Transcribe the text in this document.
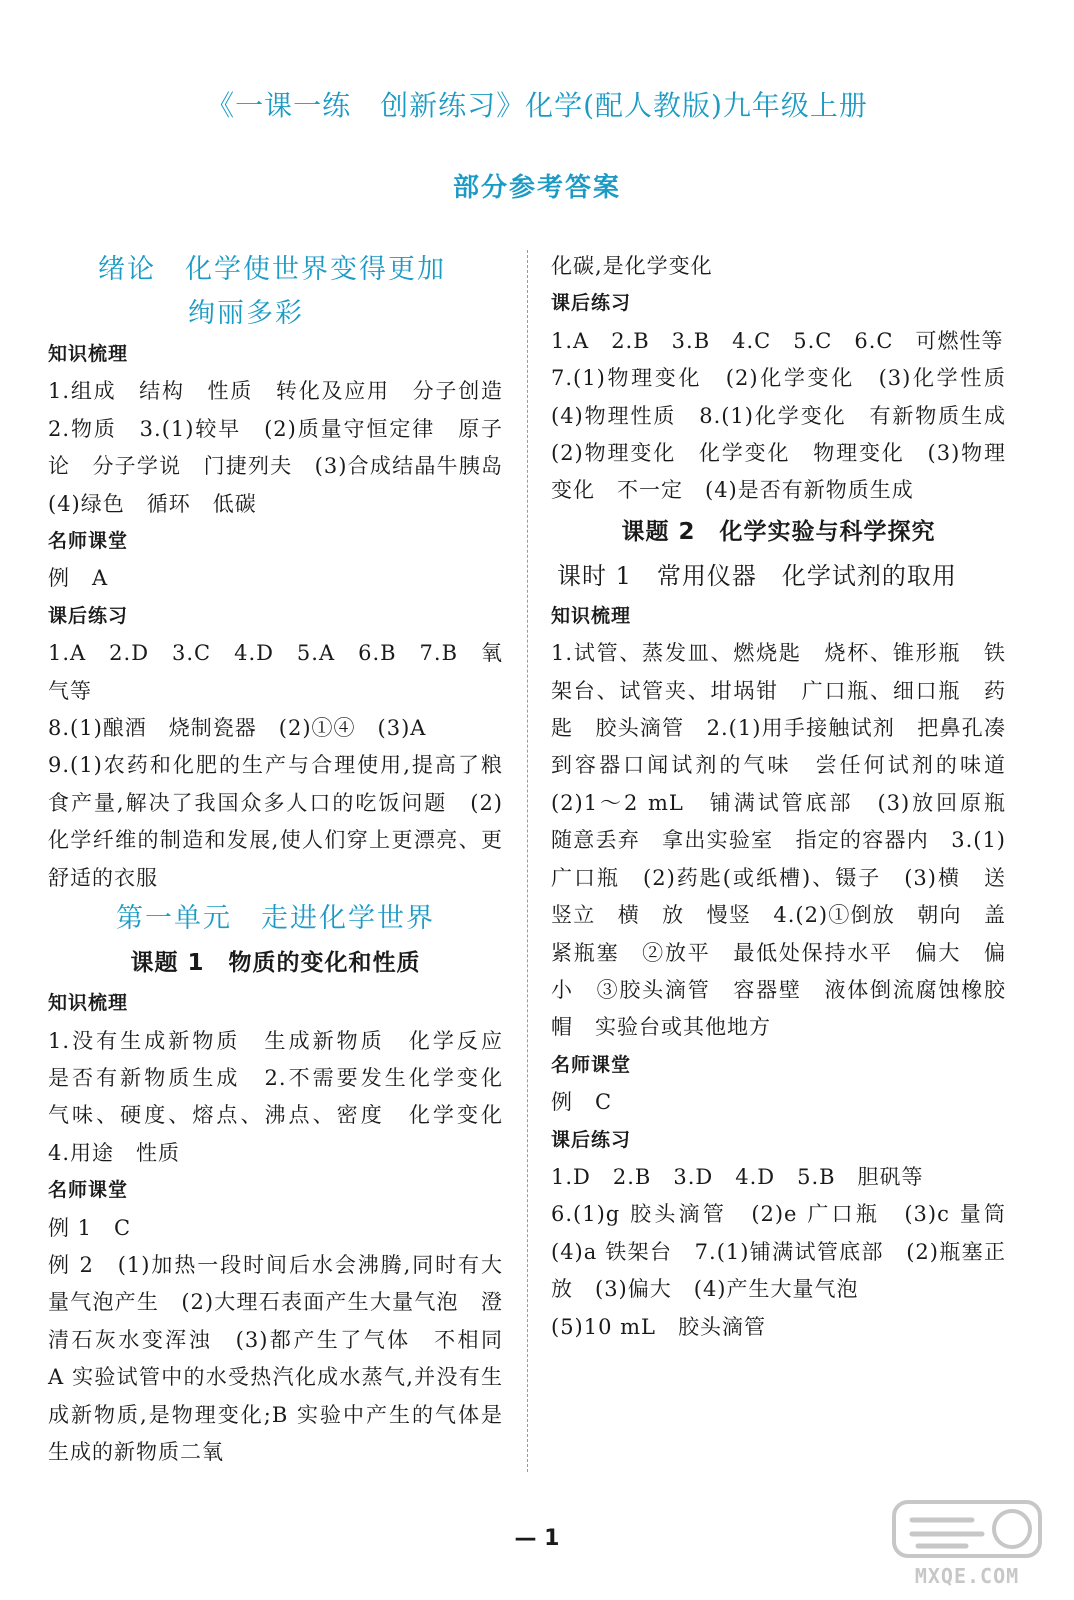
《一课一练　创新练习》化学(配人教版)九年级上册
部分参考答案

绪论　化学使世界变得更加

绚丽多彩

知识梳理

1.组成　结构　性质　转化及应用　分子创造　2.物质　3.(1)较早　(2)质量守恒定律　原子论　分子学说　门捷列夫　(3)合成结晶牛胰岛　(4)绿色　循环　低碳

名师课堂

例　A

课后练习

1.A　2.D　3.C　4.D　5.A　6.B　7.B　氧气等

8.(1)酿酒　烧制瓷器　(2)①④　(3)A

9.(1)农药和化肥的生产与合理使用,提高了粮食产量,解决了我国众多人口的吃饭问题　(2)化学纤维的制造和发展,使人们穿上更漂亮、更舒适的衣服

第一单元　走进化学世界

课题 1　物质的变化和性质

知识梳理

1.没有生成新物质　生成新物质　化学反应　是否有新物质生成　2.不需要发生化学变化　气味、硬度、熔点、沸点、密度　化学变化　4.用途　性质

名师课堂

例 1　C

例 2　(1)加热一段时间后水会沸腾,同时有大量气泡产生　(2)大理石表面产生大量气泡　澄清石灰水变浑浊　(3)都产生了气体　不相同　A 实验试管中的水受热汽化成水蒸气,并没有生成新物质,是物理变化;B 实验中产生的气体是生成的新物质二氧

化碳,是化学变化

课后练习

1.A　2.B　3.B　4.C　5.C　6.C　可燃性等

7.(1)物理变化　(2)化学变化　(3)化学性质　(4)物理性质　8.(1)化学变化　有新物质生成　(2)物理变化　化学变化　物理变化　(3)物理变化　不一定　(4)是否有新物质生成

课题 2　化学实验与科学探究

课时 1　常用仪器　化学试剂的取用

知识梳理

1.试管、蒸发皿、燃烧匙　烧杯、锥形瓶　铁架台、试管夹、坩埚钳　广口瓶、细口瓶　药匙　胶头滴管　2.(1)用手接触试剂　把鼻孔凑到容器口闻试剂的气味　尝任何试剂的味道　(2)1～2 mL　铺满试管底部　(3)放回原瓶　随意丢弃　拿出实验室　指定的容器内　3.(1)广口瓶　(2)药匙(或纸槽)、镊子　(3)横　送　竖立　横　放　慢竖　4.(2)①倒放　朝向　盖紧瓶塞　②放平　最低处保持水平　偏大　偏小　③胶头滴管　容器壁　液体倒流腐蚀橡胶帽　实验台或其他地方

名师课堂

例　C

课后练习

1.D　2.B　3.D　4.D　5.B　胆矾等

6.(1)g 胶头滴管　(2)e 广口瓶　(3)c 量筒　(4)a 铁架台　7.(1)铺满试管底部　(2)瓶塞正放　(3)偏大　(4)产生大量气泡

(5)10 mL　胶头滴管

— 1
MXQE.COM
